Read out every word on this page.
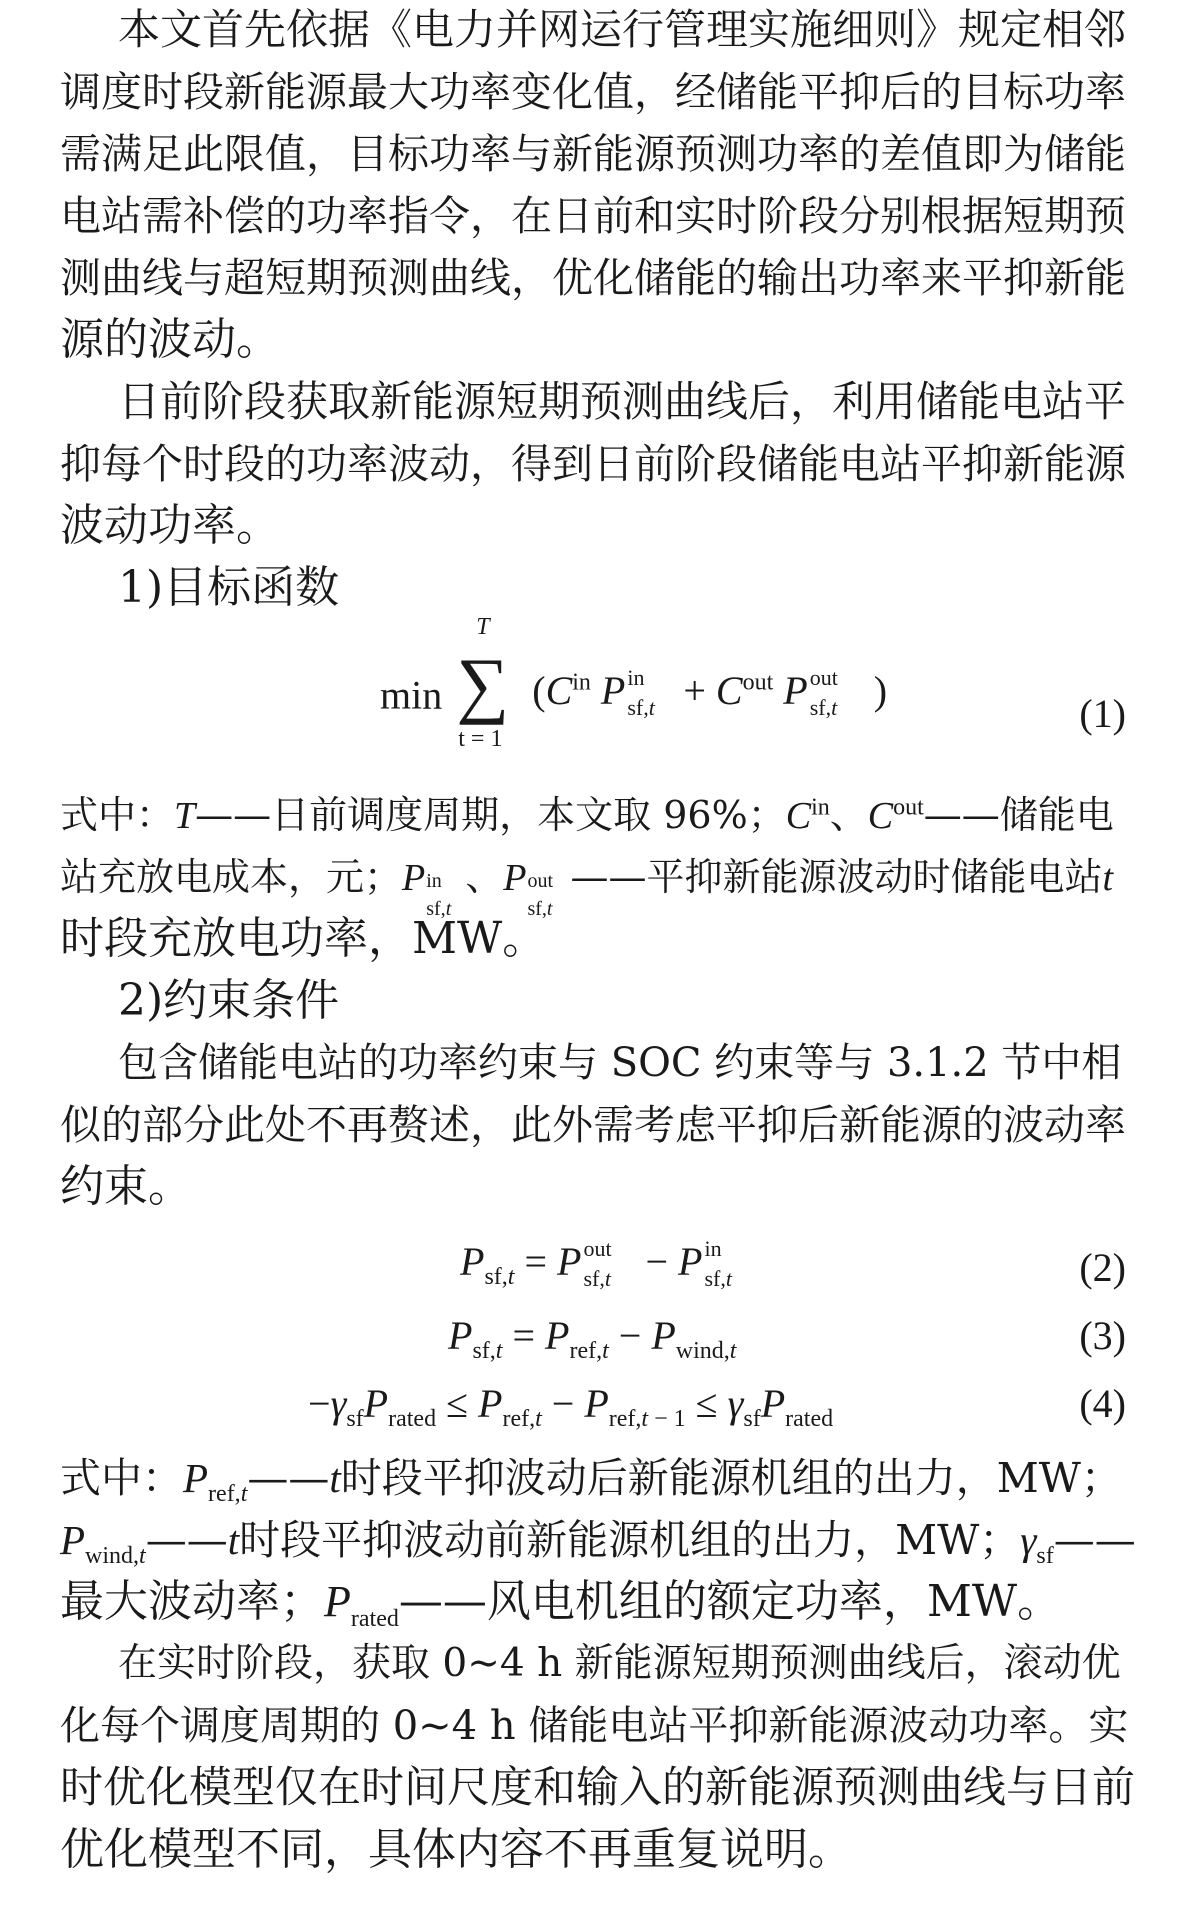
本文首先依据《电力并网运行管理实施细则》规定相邻
调度时段新能源最大功率变化值，经储能平抑后的目标功率
需满足此限值，目标功率与新能源预测功率的差值即为储能
电站需补偿的功率指令，在日前和实时阶段分别根据短期预
测曲线与超短期预测曲线，优化储能的输出功率来平抑新能
源的波动。
日前阶段获取新能源短期预测曲线后，利用储能电站平
抑每个时段的功率波动，得到日前阶段储能电站平抑新能源
波动功率。
1)目标函数
min ∑
T
t = 1
($C^{in}$ P in
$sf,t + C^{out}$ P out
sf,t )
(1)
式中：T——日前调度周期，本文取 96%；$C^{in}$、$C^{out}——$储能电
站充放电成本，元；P in
sf,t
、P out
sf,t
——平抑新能源波动时储能电站t
时段充放电功率，MW。
2)约束条件
包含储能电站的功率约束与 SOC 约束等与 3.1.2 节中相
似的部分此处不再赘述，此外需考虑平抑后新能源的波动率
约束。
$P_{sf,t} = P$ out
sf,t − P in
sf,t	(2)
$P_{sf,t} = P_{ref,t} - P_{wind,t}$	(3)
$-\gamma_{sf}P_{rated} \le P_{ref,t} - P_{ref,t - 1} \le \gamma_{sf}P_{rated}$	(4)
式中：$P_{ref,t}——t$时段平抑波动后新能源机组的出力，MW；
$P_{wind,t}——t$时段平抑波动前新能源机组的出力，MW；$\gamma_{sf}——$
最大波动率；$P_{rated}——$风电机组的额定功率，MW。
在实时阶段，获取 0~4 h 新能源短期预测曲线后，滚动优
化每个调度周期的 0~4 h 储能电站平抑新能源波动功率。实
时优化模型仅在时间尺度和输入的新能源预测曲线与日前
优化模型不同，具体内容不再重复说明。
